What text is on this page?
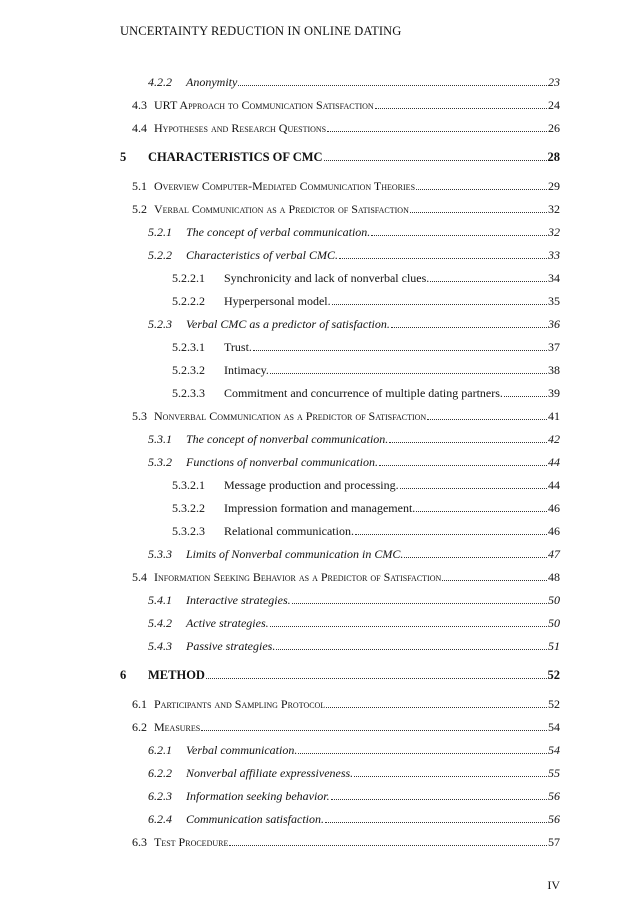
UNCERTAINTY REDUCTION IN ONLINE DATING
4.2.2	Anonymity	23
4.3 URT Approach to Communication Satisfaction	24
4.4 Hypotheses and Research Questions	26
5	CHARACTERISTICS OF CMC	28
5.1 Overview Computer-Mediated Communication Theories	29
5.2 Verbal Communication as a Predictor of Satisfaction	32
5.2.1	The concept of verbal communication.	32
5.2.2	Characteristics of verbal CMC.	33
5.2.2.1	Synchronicity and lack of nonverbal clues.	34
5.2.2.2	Hyperpersonal model.	35
5.2.3	Verbal CMC as a predictor of satisfaction.	36
5.2.3.1	Trust.	37
5.2.3.2	Intimacy.	38
5.2.3.3	Commitment and concurrence of multiple dating partners.	39
5.3 Nonverbal Communication as a Predictor of Satisfaction	41
5.3.1	The concept of nonverbal communication.	42
5.3.2	Functions of nonverbal communication.	44
5.3.2.1	Message production and processing.	44
5.3.2.2	Impression formation and management.	46
5.3.2.3	Relational communication.	46
5.3.3	Limits of Nonverbal communication in CMC.	47
5.4 Information Seeking Behavior as a Predictor of Satisfaction	48
5.4.1	Interactive strategies.	50
5.4.2	Active strategies.	50
5.4.3	Passive strategies.	51
6	METHOD	52
6.1 Participants and Sampling Protocol	52
6.2 Measures	54
6.2.1	Verbal communication.	54
6.2.2	Nonverbal affiliate expressiveness.	55
6.2.3	Information seeking behavior.	56
6.2.4	Communication satisfaction.	56
6.3 Test Procedure	57
IV
